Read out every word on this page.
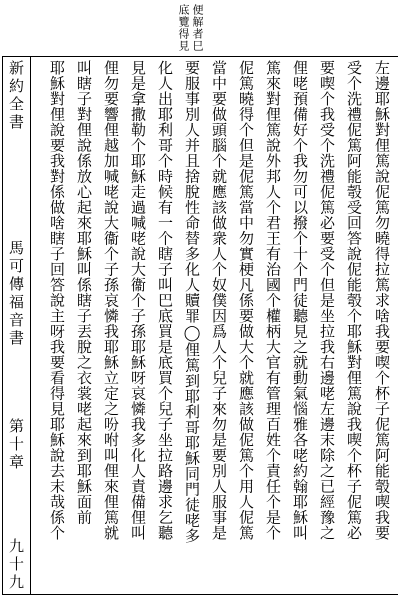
便解者巳
底覽得見
新約全書
馬可傳福音書
第十章
九十九
左邊耶穌對俚篤說伲篤勿曉得拉篤求啥我要喫个杯子伲篤阿能彀喫我要
受个洗禮伲篤阿能彀受回答說伲能彀个耶穌對俚篤說我喫个杯子伲篤必
要喫个我受个洗禮伲篤必要受个但是坐拉我右邊咾左邊末除之已經豫之
俚咾預備好个我勿可以撥个十个門徒聽見之就動氣惱雅各咾約翰耶穌叫
篤來對俚篤說外邦人个君王有治國个權柄大官有管理百姓个責任个是个
伲篤曉得个但是伲篤當中勿實梗凡係要做大个就應該做伲篤个用人伲篤
當中要做頭腦个就應該做衆人个奴僕因爲人个兒子來勿是要別人服事是
要服事別人并且捨脫性命替多化人贖罪◯俚篤到耶利哥耶穌同門徒咾多
化人出耶利哥个時候有一个瞎子叫巴底買是底買个兒子坐拉路邊求乞聽
見是拿撒勒个耶穌走過喊咾說大衞个子孫耶穌呀哀憐我多化人責備俚叫
俚勿要響俚越加喊咾說大衞个子孫哀憐我耶穌立定之吩咐叫俚來俚篤就
叫瞎子對俚說係放心起來耶穌叫係瞎子丟脫之衣裳咾起來到耶穌面前
耶穌對俚說要我對係做啥瞎子回答說主呀我要看得見耶穌說去末哉係个
